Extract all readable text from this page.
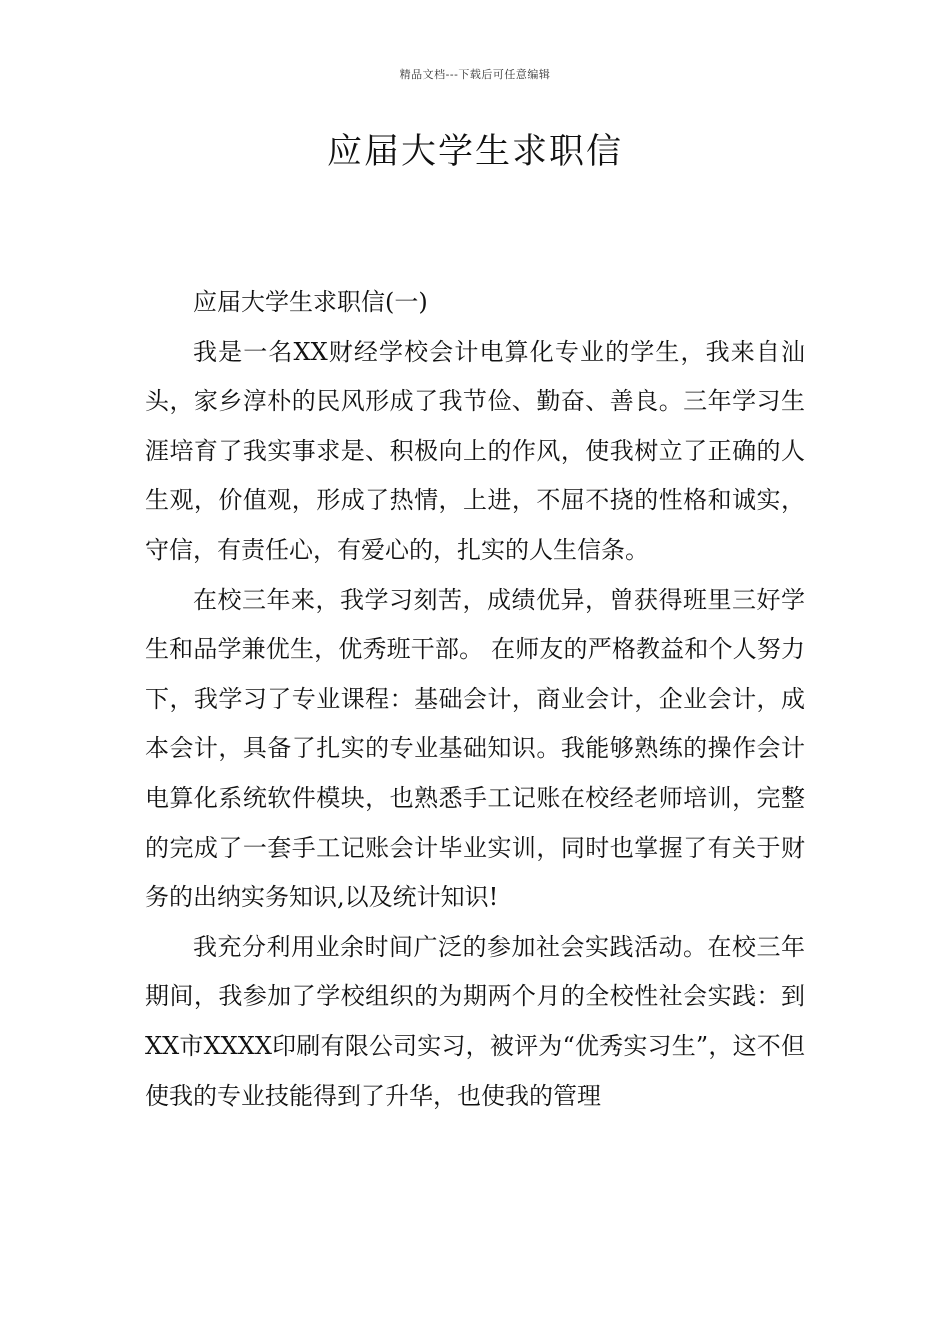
精品文档---下载后可任意编辑
应届大学生求职信

应届大学生求职信(一)

我是一名XX财经学校会计电算化专业的学生，我来自汕头，家乡淳朴的民风形成了我节俭、勤奋、善良。三年学习生涯培育了我实事求是、积极向上的作风，使我树立了正确的人生观，价值观，形成了热情，上进，不屈不挠的性格和诚实，守信，有责任心，有爱心的，扎实的人生信条。

在校三年来，我学习刻苦，成绩优异，曾获得班里三好学生和品学兼优生，优秀班干部。 在师友的严格教益和个人努力下，我学习了专业课程：基础会计，商业会计，企业会计，成本会计，具备了扎实的专业基础知识。我能够熟练的操作会计电算化系统软件模块，也熟悉手工记账在校经老师培训，完整的完成了一套手工记账会计毕业实训，同时也掌握了有关于财务的出纳实务知识,以及统计知识!

我充分利用业余时间广泛的参加社会实践活动。在校三年期间，我参加了学校组织的为期两个月的全校性社会实践：到XX市XXXX印刷有限公司实习，被评为“优秀实习生”，这不但使我的专业技能得到了升华，也使我的管理
